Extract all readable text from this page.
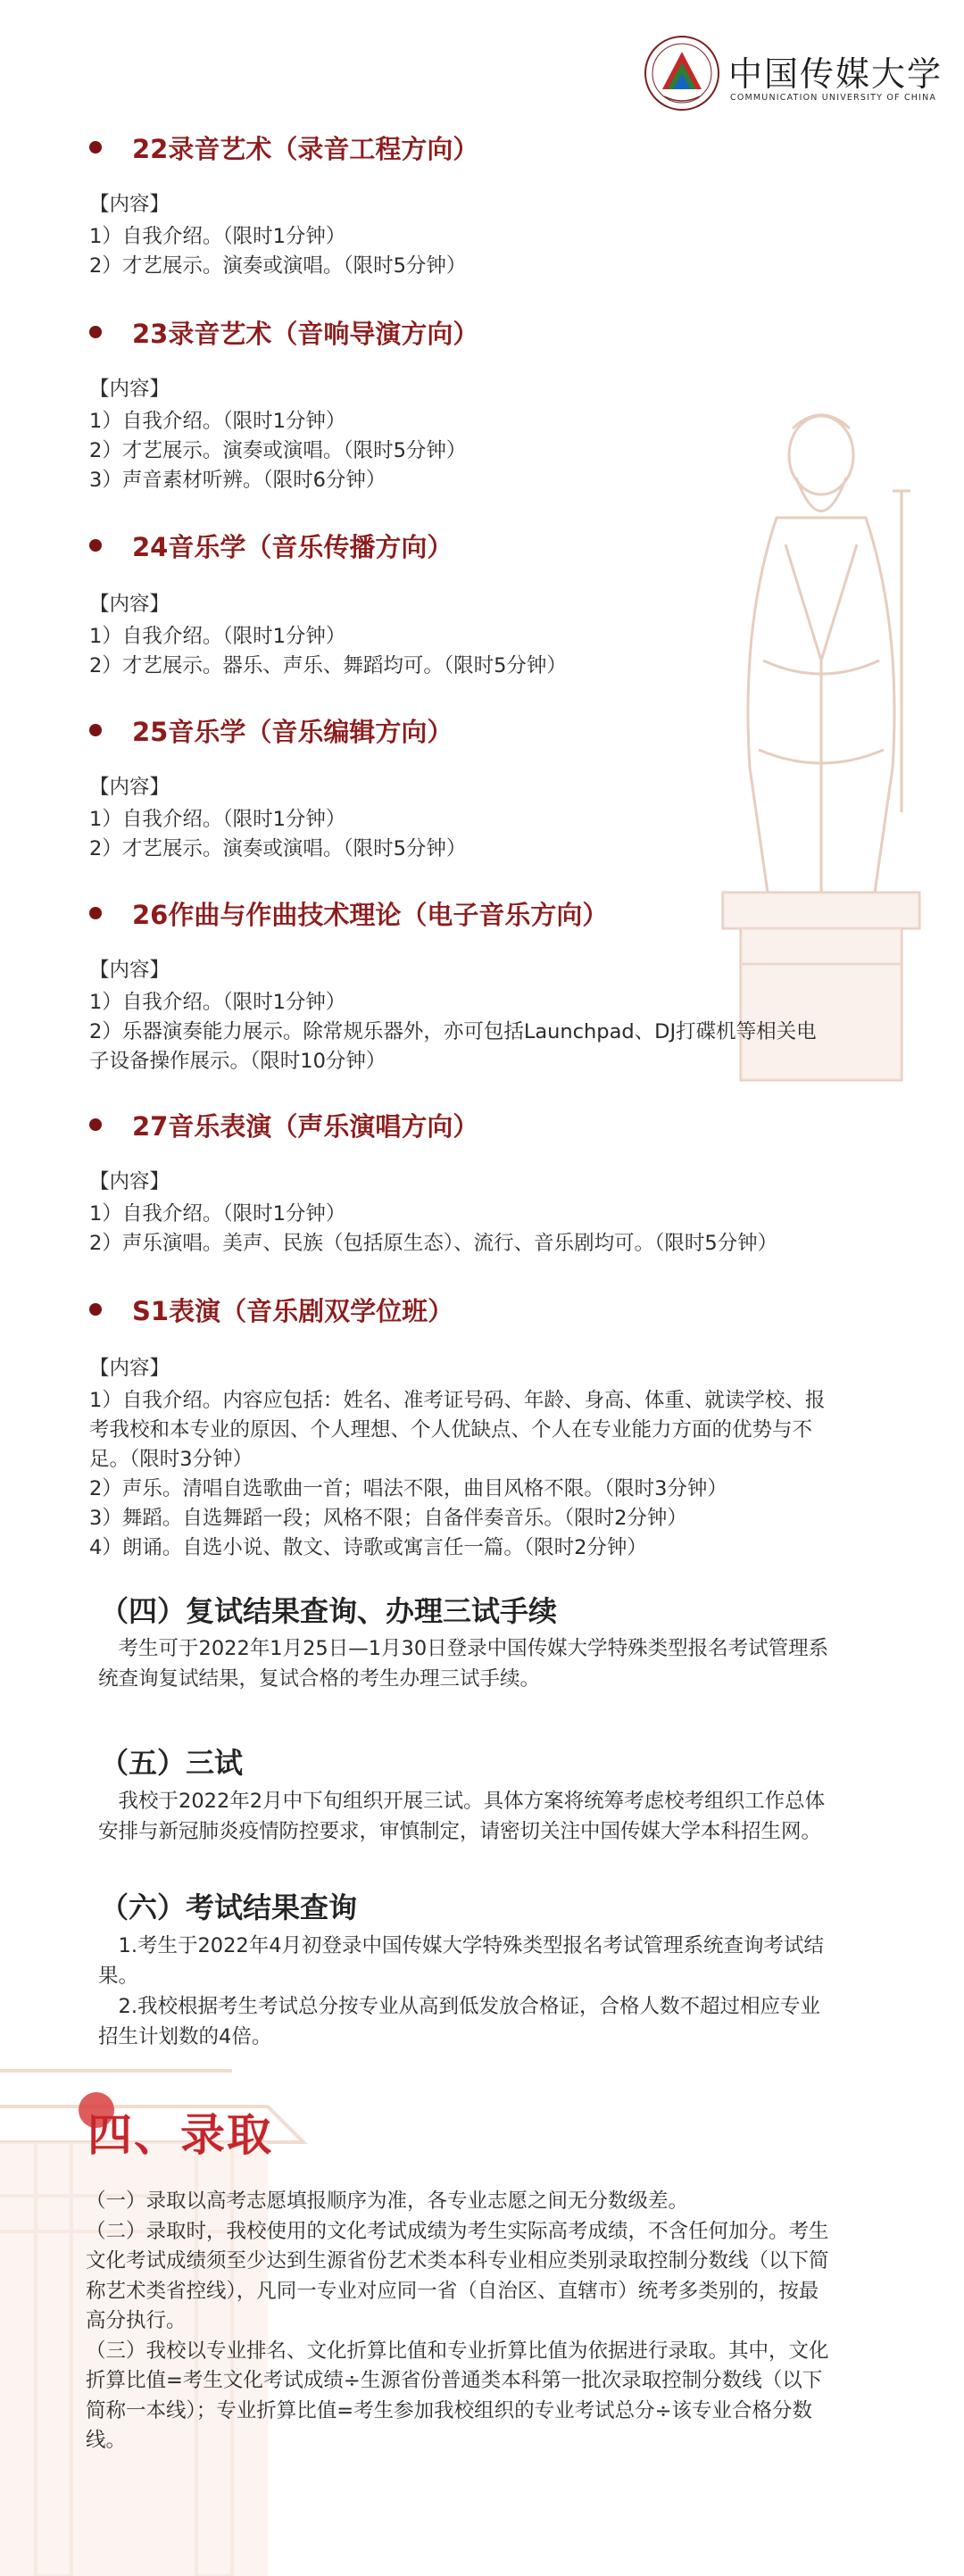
中国传媒大学
COMMUNICATION UNIVERSITY OF CHINA
22录音艺术（录音工程方向）
【内容】
1）自我介绍。（限时1分钟）
2）才艺展示。演奏或演唱。（限时5分钟）
23录音艺术（音响导演方向）
【内容】
1）自我介绍。（限时1分钟）
2）才艺展示。演奏或演唱。（限时5分钟）
3）声音素材听辨。（限时6分钟）
24音乐学（音乐传播方向）
【内容】
1）自我介绍。（限时1分钟）
2）才艺展示。器乐、声乐、舞蹈均可。（限时5分钟）
25音乐学（音乐编辑方向）
【内容】
1）自我介绍。（限时1分钟）
2）才艺展示。演奏或演唱。（限时5分钟）
26作曲与作曲技术理论（电子音乐方向）
【内容】
1）自我介绍。（限时1分钟）
2）乐器演奏能力展示。除常规乐器外，亦可包括Launchpad、DJ打碟机等相关电
子设备操作展示。（限时10分钟）
27音乐表演（声乐演唱方向）
【内容】
1）自我介绍。（限时1分钟）
2）声乐演唱。美声、民族（包括原生态）、流行、音乐剧均可。（限时5分钟）
S1表演（音乐剧双学位班）
【内容】
1）自我介绍。内容应包括：姓名、准考证号码、年龄、身高、体重、就读学校、报
考我校和本专业的原因、个人理想、个人优缺点、个人在专业能力方面的优势与不
足。（限时3分钟）
2）声乐。清唱自选歌曲一首；唱法不限，曲目风格不限。（限时3分钟）
3）舞蹈。自选舞蹈一段；风格不限；自备伴奏音乐。（限时2分钟）
4）朗诵。自选小说、散文、诗歌或寓言任一篇。（限时2分钟）
（四）复试结果查询、办理三试手续
　考生可于2022年1月25日—1月30日登录中国传媒大学特殊类型报名考试管理系
统查询复试结果，复试合格的考生办理三试手续。
（五）三试
　我校于2022年2月中下旬组织开展三试。具体方案将统筹考虑校考组织工作总体
安排与新冠肺炎疫情防控要求，审慎制定，请密切关注中国传媒大学本科招生网。
（六）考试结果查询
　1.考生于2022年4月初登录中国传媒大学特殊类型报名考试管理系统查询考试结
果。
　2.我校根据考生考试总分按专业从高到低发放合格证，合格人数不超过相应专业
招生计划数的4倍。
四、录取
（一）录取以高考志愿填报顺序为准，各专业志愿之间无分数级差。
（二）录取时，我校使用的文化考试成绩为考生实际高考成绩，不含任何加分。考生
文化考试成绩须至少达到生源省份艺术类本科专业相应类别录取控制分数线（以下简
称艺术类省控线），凡同一专业对应同一省（自治区、直辖市）统考多类别的，按最
高分执行。
（三）我校以专业排名、文化折算比值和专业折算比值为依据进行录取。其中，文化
折算比值=考生文化考试成绩÷生源省份普通类本科第一批次录取控制分数线（以下
简称一本线）；专业折算比值=考生参加我校组织的专业考试总分÷该专业合格分数
线。
